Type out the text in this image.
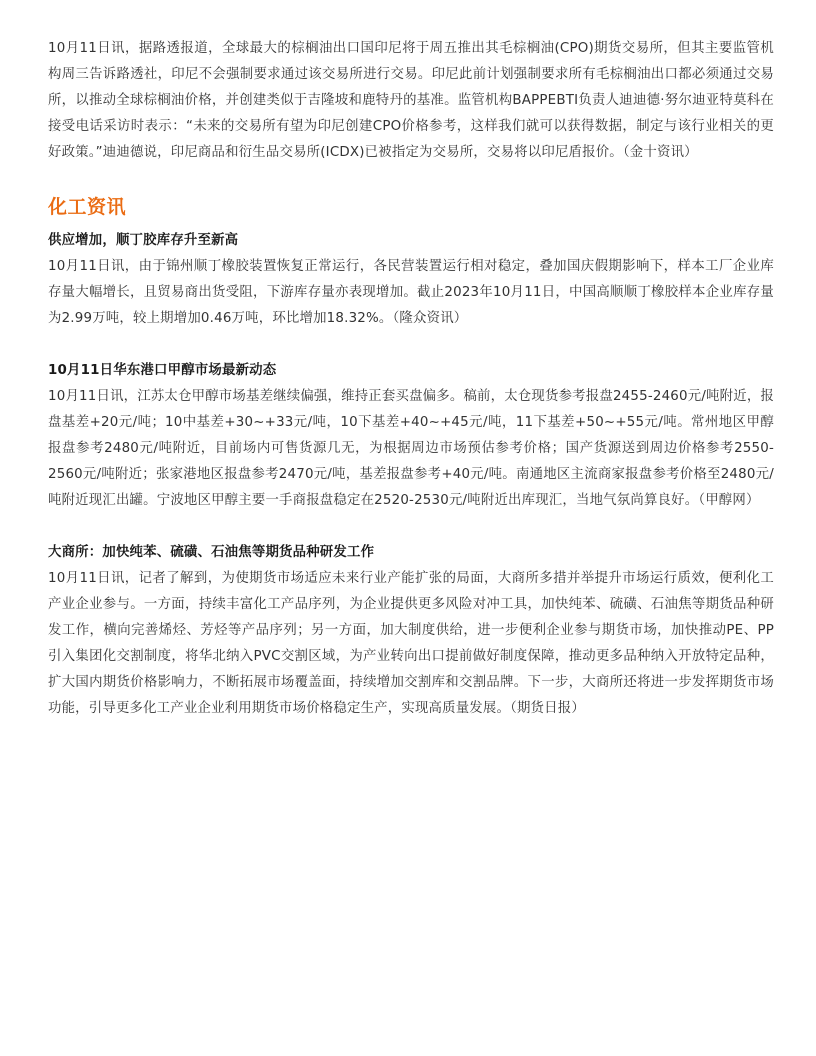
10月11日讯，据路透报道，全球最大的棕榈油出口国印尼将于周五推出其毛棕榈油(CPO)期货交易所，但其主要监管机构周三告诉路透社，印尼不会强制要求通过该交易所进行交易。印尼此前计划强制要求所有毛棕榈油出口都必须通过交易所，以推动全球棕榈油价格，并创建类似于吉隆坡和鹿特丹的基准。监管机构BAPPEBTI负责人迪迪德·努尔迪亚特莫科在接受电话采访时表示：“未来的交易所有望为印尼创建CPO价格参考，这样我们就可以获得数据，制定与该行业相关的更好政策。”迪迪德说，印尼商品和衍生品交易所(ICDX)已被指定为交易所，交易将以印尼盾报价。（金十资讯）

化工资讯
供应增加，顺丁胶库存升至新高

10月11日讯，由于锦州顺丁橡胶装置恢复正常运行，各民营装置运行相对稳定，叠加国庆假期影响下，样本工厂企业库存量大幅增长，且贸易商出货受阻，下游库存量亦表现增加。截止2023年10月11日，中国高顺顺丁橡胶样本企业库存量为2.99万吨，较上期增加0.46万吨，环比增加18.32%。（隆众资讯）

10月11日华东港口甲醇市场最新动态

10月11日讯，江苏太仓甲醇市场基差继续偏强，维持正套买盘偏多。稿前，太仓现货参考报盘2455-2460元/吨附近，报盘基差+20元/吨；10中基差+30~+33元/吨，10下基差+40~+45元/吨，11下基差+50~+55元/吨。常州地区甲醇报盘参考2480元/吨附近，目前场内可售货源几无，为根据周边市场预估参考价格；国产货源送到周边价格参考2550-2560元/吨附近；张家港地区报盘参考2470元/吨，基差报盘参考+40元/吨。南通地区主流商家报盘参考价格至2480元/吨附近现汇出罐。宁波地区甲醇主要一手商报盘稳定在2520-2530元/吨附近出库现汇，当地气氛尚算良好。（甲醇网）

大商所：加快纯苯、硫磺、石油焦等期货品种研发工作

10月11日讯，记者了解到，为使期货市场适应未来行业产能扩张的局面，大商所多措并举提升市场运行质效，便利化工产业企业参与。一方面，持续丰富化工产品序列，为企业提供更多风险对冲工具，加快纯苯、硫磺、石油焦等期货品种研发工作，横向完善烯烃、芳烃等产品序列；另一方面，加大制度供给，进一步便利企业参与期货市场，加快推动PE、PP引入集团化交割制度，将华北纳入PVC交割区域，为产业转向出口提前做好制度保障，推动更多品种纳入开放特定品种，扩大国内期货价格影响力，不断拓展市场覆盖面，持续增加交割库和交割品牌。下一步，大商所还将进一步发挥期货市场功能，引导更多化工产业企业利用期货市场价格稳定生产，实现高质量发展。（期货日报）
